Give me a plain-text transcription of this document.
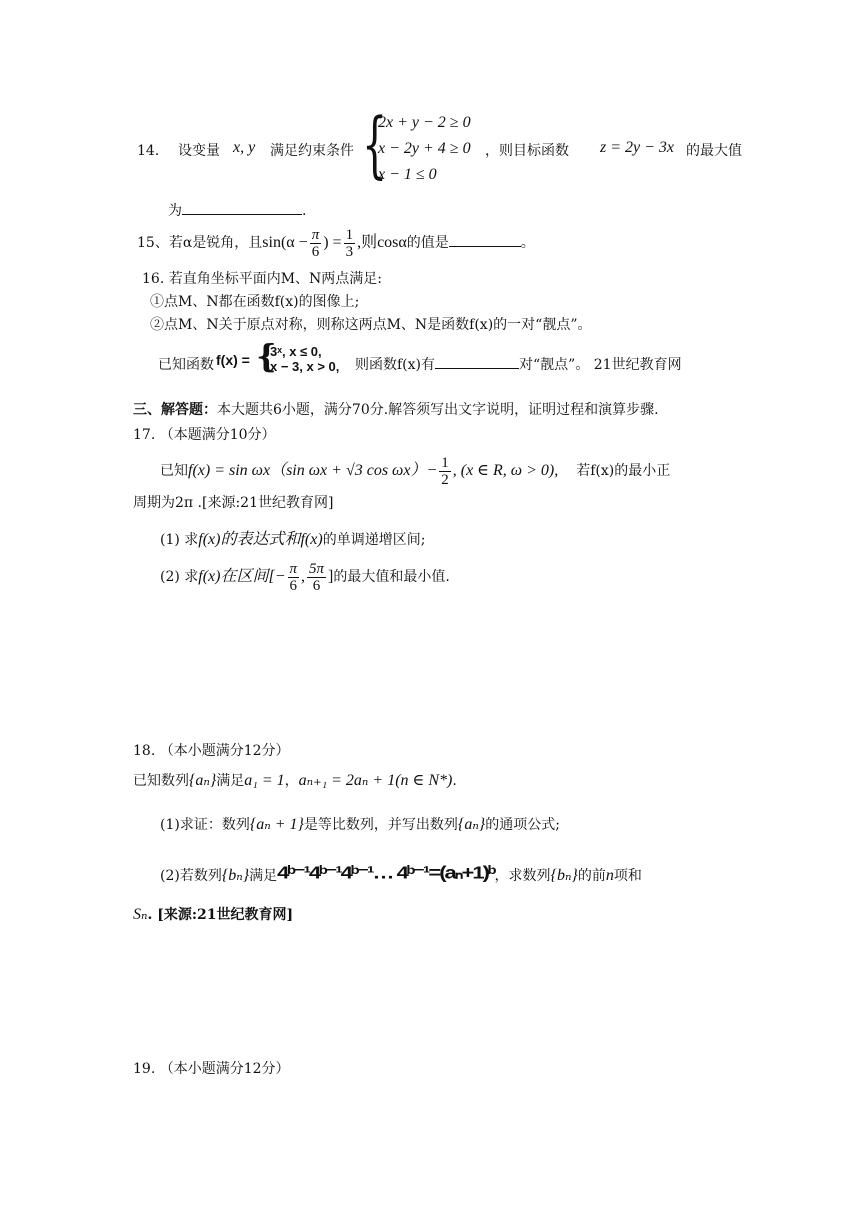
14． 设变量 x, y 满足约束条件 {
2x + y − 2 ≥ 0
x − 2y + 4 ≥ 0
x − 1 ≤ 0
，则目标函数 z = 2y − 3x 的最大值
为	.
15、若α是锐角，且$\sin(\alpha - \frac{\pi}{6}$ ) = $\frac{1}{3}$ ,则cosα的值是	。
16. 若直角坐标平面内M、N两点满足:
①点M、N都在函数f(x)的图像上;
②点M、N关于原点对称，则称这两点M、N是函数f(x)的一对“靓点”。
已知函数 f(x) = {
3ˣ, x ≤ 0,
x − 3, x > 0, 则函数f(x)有	对“靓点”。 21世纪教育网
三、解答题：本大题共6小题，满分70分.解答须写出文字说明，证明过程和演算步骤.
17. （本题满分10分）
已知f(x) = sin ωx（sin ωx + √3 $\cos \omega x)- \frac{1}{2}$ , (x ∈ R, ω > 0), 若f(x)的最小正
周期为2π .[来源:21世纪教育网]
(1) 求f(x)的表达式和f(x)的单调递增区间;
(2) 求f(x)在区间[− $\frac{\pi}{6}$ , $\frac{5\pi}{6}$ ]的最大值和最小值.
18. （本小题满分12分）
已知数列{aₙ}满足a₁ = 1，aₙ₊₁ = 2aₙ + 1(n ∈ N*).
(1)求证：数列{aₙ + 1}是等比数列，并写出数列{aₙ}的通项公式;
(2)若数列{bₙ}满足4ᵇ⁻¹4ᵇ⁻¹4ᵇ⁻¹… 4ᵇ⁻¹=(aₙ+1)ᵇ，求数列{bₙ}的前n项和
Sₙ. [来源:21世纪教育网]
19. （本小题满分12分）
